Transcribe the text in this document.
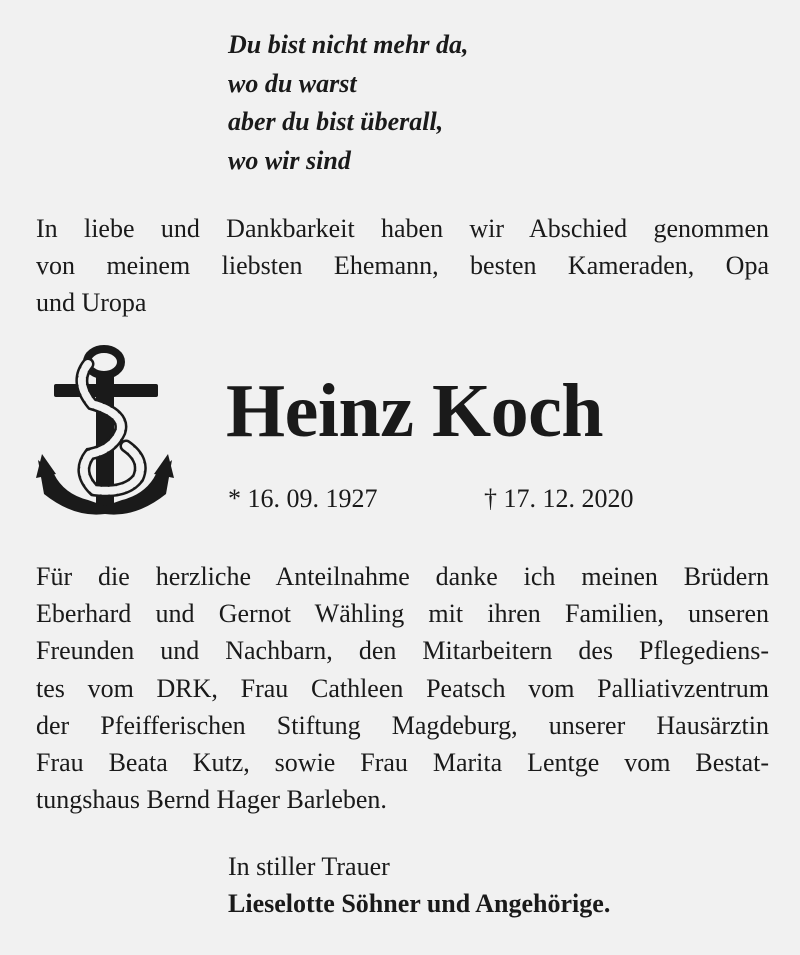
Du bist nicht mehr da,
wo du warst
aber du bist überall,
wo wir sind
In liebe und Dankbarkeit haben wir Abschied genommen
von meinem liebsten Ehemann, besten Kameraden, Opa
und Uropa
Heinz Koch
* 16. 09. 1927	† 17. 12. 2020
Für die herzliche Anteilnahme danke ich meinen Brüdern
Eberhard und Gernot Wähling mit ihren Familien, unseren
Freunden und Nachbarn, den Mitarbeitern des Pflegediens-
tes vom DRK, Frau Cathleen Peatsch vom Palliativzentrum
der Pfeifferischen Stiftung Magdeburg, unserer Hausärztin
Frau Beata Kutz, sowie Frau Marita Lentge vom Bestat-
tungshaus Bernd Hager Barleben.
In stiller Trauer
Lieselotte Söhner und Angehörige.
